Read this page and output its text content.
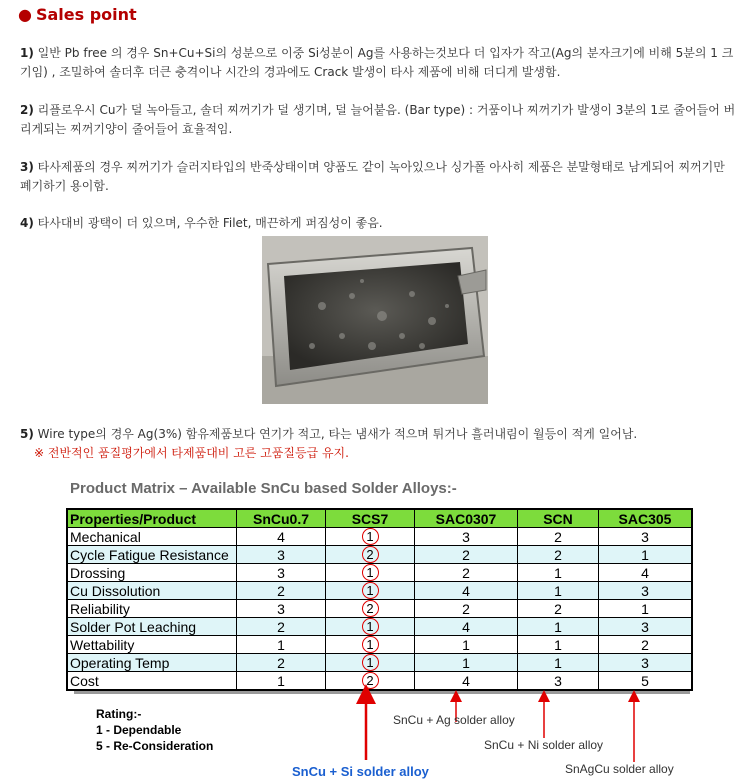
● Sales point
1) 일반 Pb free 의 경우 Sn+Cu+Si의 성분으로 이중 Si성분이 Ag를 사용하는것보다 더 입자가 작고(Ag의 분자크기에 비해 5분의 1 크기임) , 조밀하여 솔더후 더큰 충격이나 시간의 경과에도 Crack 발생이 타사 제품에 비해 더디게 발생함.
2) 리플로우시 Cu가 덜 녹아들고, 솔더 찌꺼기가 덜 생기며, 덜 늘어붙음. (Bar type) : 거품이나 찌꺼기가 발생이 3분의 1로 줄어들어 버리게되는 찌꺼기양이 줄어들어 효율적임.
3) 타사제품의 경우 찌꺼기가 슬러지타입의 반죽상태이며 양품도 같이 녹아있으나 싱가폴 아사히 제품은 분말형태로 남게되어 찌꺼기만 폐기하기 용이함.
4) 타사대비 광택이 더 있으며, 우수한 Filet, 매끈하게 퍼짐성이 좋음.
5) Wire type의 경우 Ag(3%) 함유제품보다 연기가 적고, 타는 냄새가 적으며 튀거나 흘러내림이 월등이 적게 일어남.
※ 전반적인 품질평가에서 타제품대비 고른 고품질등급 유지.
Product Matrix – Available SnCu based Solder Alloys:-
Properties/Product	SnCu0.7	SCS7	SAC0307	SCN	SAC305
Mechanical	4	1	3	2	3
Cycle Fatigue Resistance	3	2	2	2	1
Drossing	3	1	2	1	4
Cu Dissolution	2	1	4	1	3
Reliability	3	2	2	2	1
Solder Pot Leaching	2	1	4	1	3
Wettability	1	1	1	1	2
Operating Temp	2	1	1	1	3
Cost	1	2	4	3	5
Rating:-
1 - Dependable
5 - Re-Consideration
SnCu + Si solder alloy
SnCu + Ag solder alloy
SnCu + Ni solder alloy
SnAgCu solder alloy
